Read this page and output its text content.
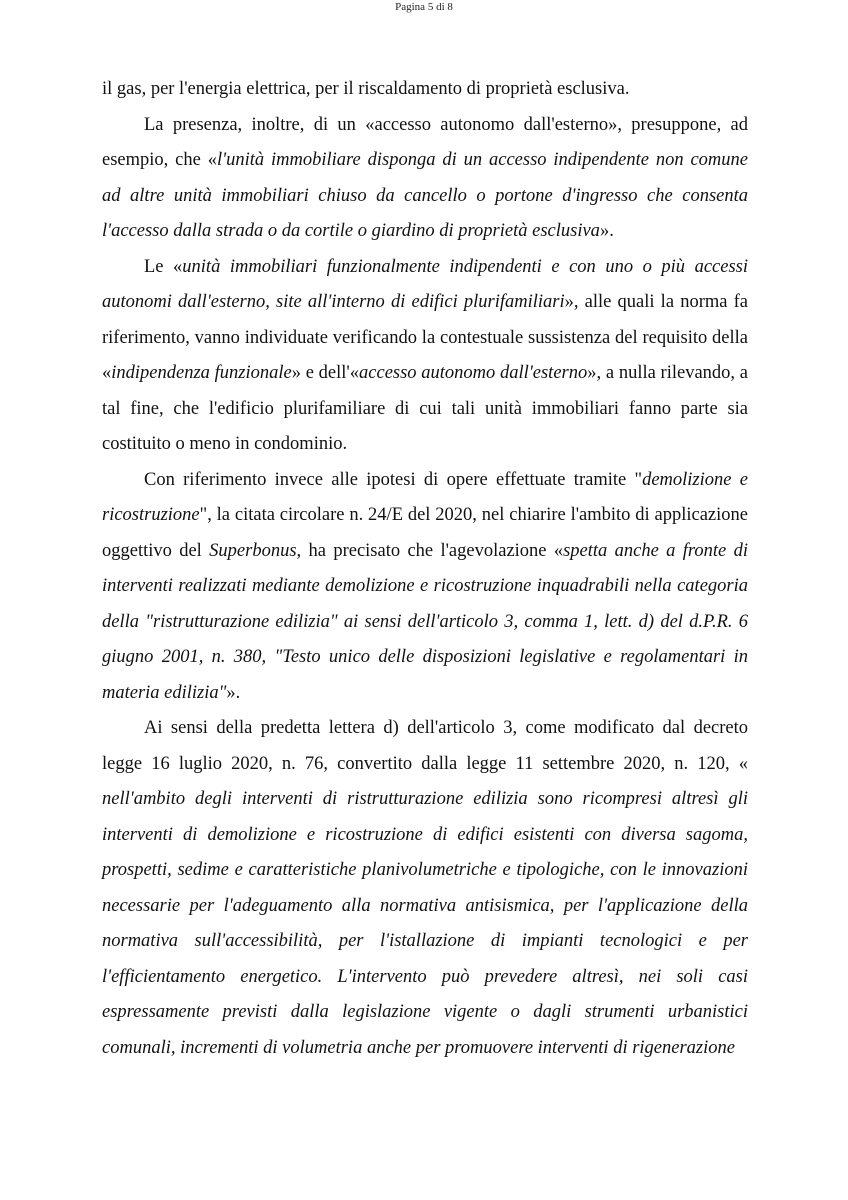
Pagina 5 di 8

il gas, per l'energia elettrica, per il riscaldamento di proprietà esclusiva.

La presenza, inoltre, di un «accesso autonomo dall'esterno», presuppone, ad esempio, che «l'unità immobiliare disponga di un accesso indipendente non comune ad altre unità immobiliari chiuso da cancello o portone d'ingresso che consenta l'accesso dalla strada o da cortile o giardino di proprietà esclusiva».

Le «unità immobiliari funzionalmente indipendenti e con uno o più accessi autonomi dall'esterno, site all'interno di edifici plurifamiliari», alle quali la norma fa riferimento, vanno individuate verificando la contestuale sussistenza del requisito della «indipendenza funzionale» e dell'«accesso autonomo dall'esterno», a nulla rilevando, a tal fine, che l'edificio plurifamiliare di cui tali unità immobiliari fanno parte sia costituito o meno in condominio.

Con riferimento invece alle ipotesi di opere effettuate tramite "demolizione e ricostruzione", la citata circolare n. 24/E del 2020, nel chiarire l'ambito di applicazione oggettivo del Superbonus, ha precisato che l'agevolazione «spetta anche a fronte di interventi realizzati mediante demolizione e ricostruzione inquadrabili nella categoria della "ristrutturazione edilizia" ai sensi dell'articolo 3, comma 1, lett. d) del d.P.R. 6 giugno 2001, n. 380, "Testo unico delle disposizioni legislative e regolamentari in materia edilizia"».

Ai sensi della predetta lettera d) dell'articolo 3, come modificato dal decreto legge 16 luglio 2020, n. 76, convertito dalla legge 11 settembre 2020, n. 120, « nell'ambito degli interventi di ristrutturazione edilizia sono ricompresi altresì gli interventi di demolizione e ricostruzione di edifici esistenti con diversa sagoma, prospetti, sedime e caratteristiche planivolumetriche e tipologiche, con le innovazioni necessarie per l'adeguamento alla normativa antisismica, per l'applicazione della normativa sull'accessibilità, per l'istallazione di impianti tecnologici e per l'efficientamento energetico. L'intervento può prevedere altresì, nei soli casi espressamente previsti dalla legislazione vigente o dagli strumenti urbanistici comunali, incrementi di volumetria anche per promuovere interventi di rigenerazione
